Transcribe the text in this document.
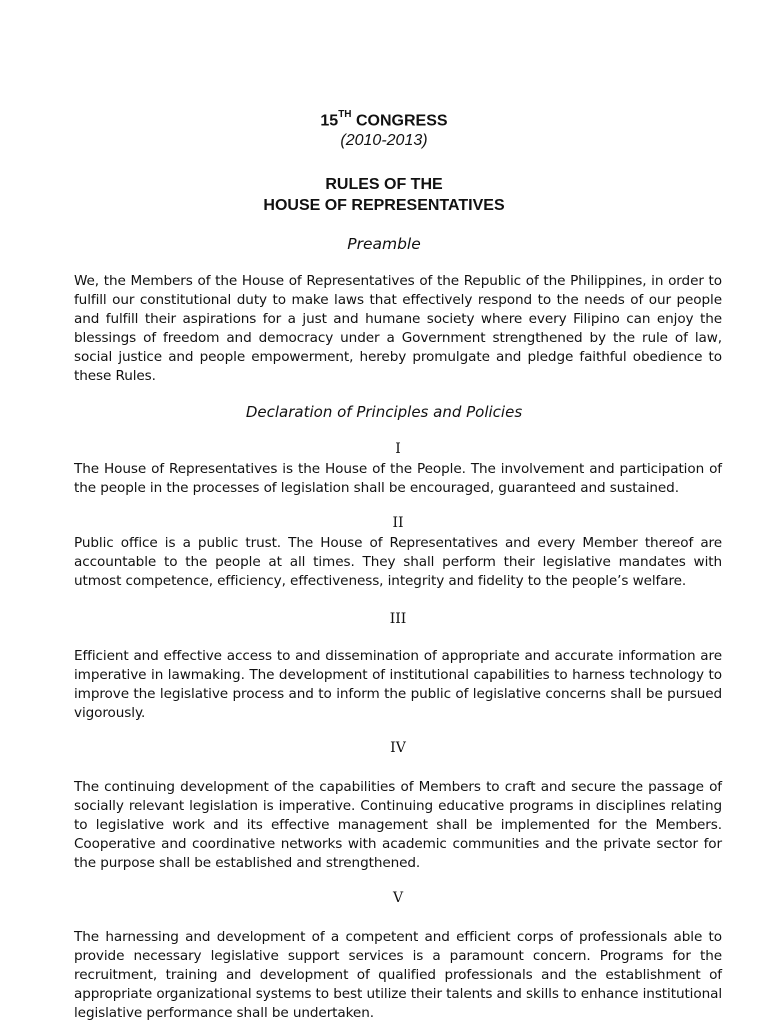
15TH CONGRESS
(2010-2013)
RULES OF THE
HOUSE OF REPRESENTATIVES
Preamble
We, the Members of the House of Representatives of the Republic of the Philippines, in order to fulfill our constitutional duty to make laws that effectively respond to the needs of our people and fulfill their aspirations for a just and humane society where every Filipino can enjoy the blessings of freedom and democracy under a Government strengthened by the rule of law, social justice and people empowerment, hereby promulgate and pledge faithful obedience to these Rules.
Declaration of Principles and Policies
I
The House of Representatives is the House of the People. The involvement and participation of the people in the processes of legislation shall be encouraged, guaranteed and sustained.
II
Public office is a public trust. The House of Representatives and every Member thereof are accountable to the people at all times. They shall perform their legislative mandates with utmost competence, efficiency, effectiveness, integrity and fidelity to the people’s welfare.
III
Efficient and effective access to and dissemination of appropriate and accurate information are imperative in lawmaking. The development of institutional capabilities to harness technology to improve the legislative process and to inform the public of legislative concerns shall be pursued vigorously.
IV
The continuing development of the capabilities of Members to craft and secure the passage of socially relevant legislation is imperative. Continuing educative programs in disciplines relating to legislative work and its effective management shall be implemented for the Members. Cooperative and coordinative networks with academic communities and the private sector for the purpose shall be established and strengthened.
V
The harnessing and development of a competent and efficient corps of professionals able to provide necessary legislative support services is a paramount concern. Programs for the recruitment, training and development of qualified professionals and the establishment of appropriate organizational systems to best utilize their talents and skills to enhance institutional legislative performance shall be undertaken.
